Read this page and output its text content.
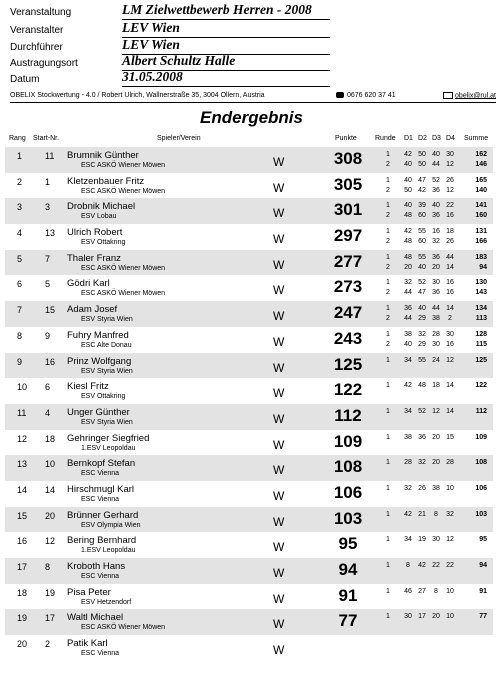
Veranstaltung	LM Zielwettbewerb Herren - 2008
Veranstalter	LEV Wien
Durchführer	LEV Wien
Austragungsort	Albert Schultz Halle
Datum	31.05.2008
OBELIX Stockwertung - 4.0 / Robert Ulrich, Wallnerstraße 35, 3004 Ollern, Austria	0676 620 37 41	obelix@rul.at
Endergebnis
Rang Start-Nr.	Spieler/Verein	Punkte	Runde D1 D2 D3 D4 Summe
1	11 Brumnik Günther
ESC ASKÖ Wiener Möwen	W	308	1	42 50 40 30	162
2	40 50 44 12	146
2	1 Kletzenbauer Fritz
ESC ASKÖ Wiener Möwen	W	305	1	40 47 52 26	165
2	50 42 36 12	140
3	3 Drobnik Michael
ESV Lobau	W	301	1	40 39 40 22	141
2	48 60 36 16	160
4	13 Ulrich Robert
ESV Ottakring	W	297	1	42 55 16 18	131
2	48 60 32 26	166
5	7 Thaler Franz
ESC ASKÖ Wiener Möwen	W	277	1	48 55 36 44	183
2	20 40 20 14	94
6	5 Gödri Karl
ESC ASKÖ Wiener Möwen	W	273	1	32 52 30 16	130
2	44 47 36 16	143
7	15 Adam Josef
ESV Styria Wien	W	247	1	36 40 44 14	134
2	44 29 38	2	113
8	9 Fuhry Manfred
ESC Alte Donau	W	243	1	38 32 28 30	128
2	40 29 30 16	115
9	16 Prinz Wolfgang
ESV Styria Wien	W	125	1	34 55 24 12	125
10 6 Kiesl Fritz
ESV Ottakring	W	122	1	42 48 18 14	122
11 4 Unger Günther
ESV Styria Wien	W	112	1	34 52 12 14	112
12 18 Gehringer Siegfried
1.ESV Leopoldau	W	109	1	38 36 20 15	109
13 10 Bernkopf Stefan
ESC Vienna	W	108	1	28 32 20 28	108
14 14 Hirschmugl Karl
ESC Vienna	W	106	1	32 26 38 10	106
15 20 Brünner Gerhard
ESV Olympia Wien	W	103	1	42 21	8	32	103
16 12 Bering Bernhard
1.ESV Leopoldau	W	95	1	34 19 30 12	95
17 8 Kroboth Hans
ESC Vienna	W	94	1	8	42 22 22	94
18 19 Pisa Peter
ESV Hetzendorf	W	91	1	46 27	8	10	91
19 17 Waltl Michael
ESC ASKÖ Wiener Möwen	W	77	1	30 17 20 10	77
20 2 Patik Karl
ESC Vienna	W
